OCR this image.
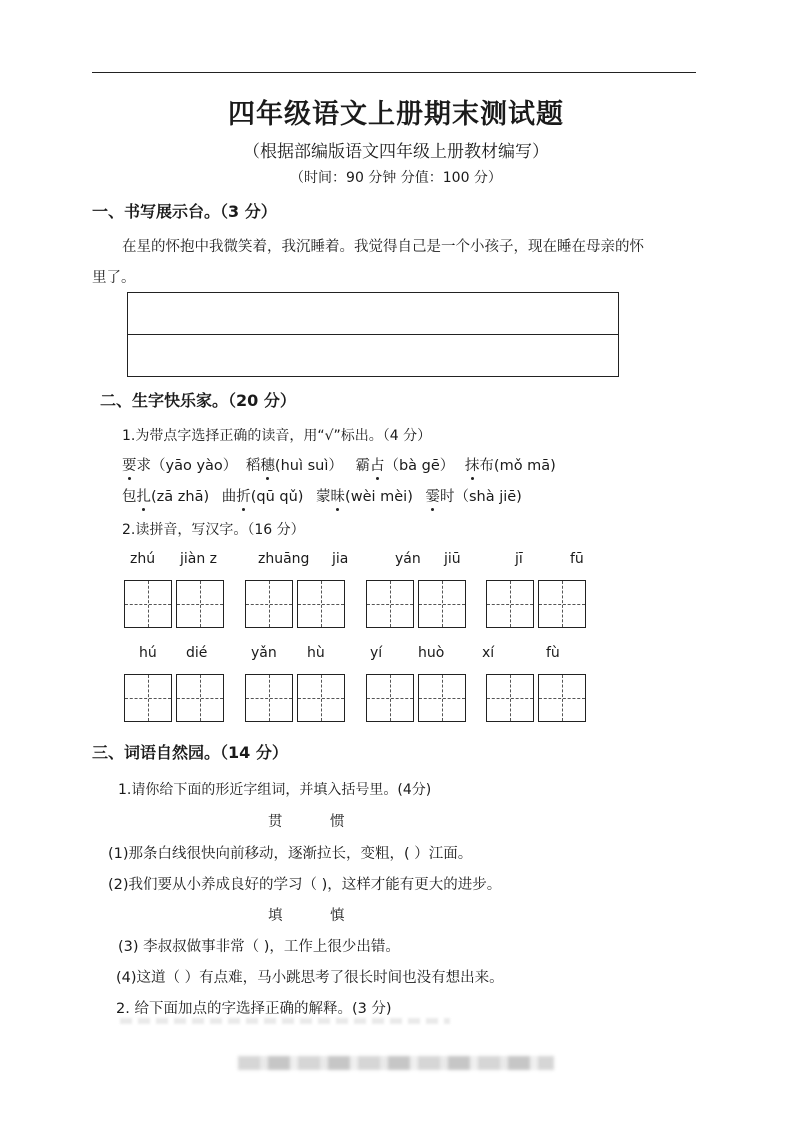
四年级语文上册期末测试题
（根据部编版语文四年级上册教材编写）
（时间：90 分钟 分值：100 分）
一、书写展示台。（3 分）
在星的怀抱中我微笑着，我沉睡着。我觉得自己是一个小孩子，现在睡在母亲的怀
里了。
二、生字快乐家。（20 分）
1.为带点字选择正确的读音，用“√”标出。（4 分）
要求（yāo yào） 稻穗(huì suì） 霸占（bà gē） 抹布(mǒ mā)
包扎(zā zhā) 曲折(qū qǔ) 蒙昧(wèi mèi) 霎时（shà jiē)
2.读拼音，写汉字。（16 分）
zhú jiàn z	zhuāng jia	yán jiū	jī	fū
hú dié	yǎn hù	yí	huò	xí	fù
三、词语自然园。（14 分）
1.请你给下面的形近字组词，并填入括号里。(4分)
贯	惯
(1)那条白线很快向前移动，逐渐拉长，变粗，( ）江面。
(2)我们要从小养成良好的学习（ )，这样才能有更大的进步。
填	慎
(3) 李叔叔做事非常（ )，工作上很少出错。
(4)这道（ ）有点难，马小跳思考了很长时间也没有想出来。
2. 给下面加点的字选择正确的解释。(3 分)
